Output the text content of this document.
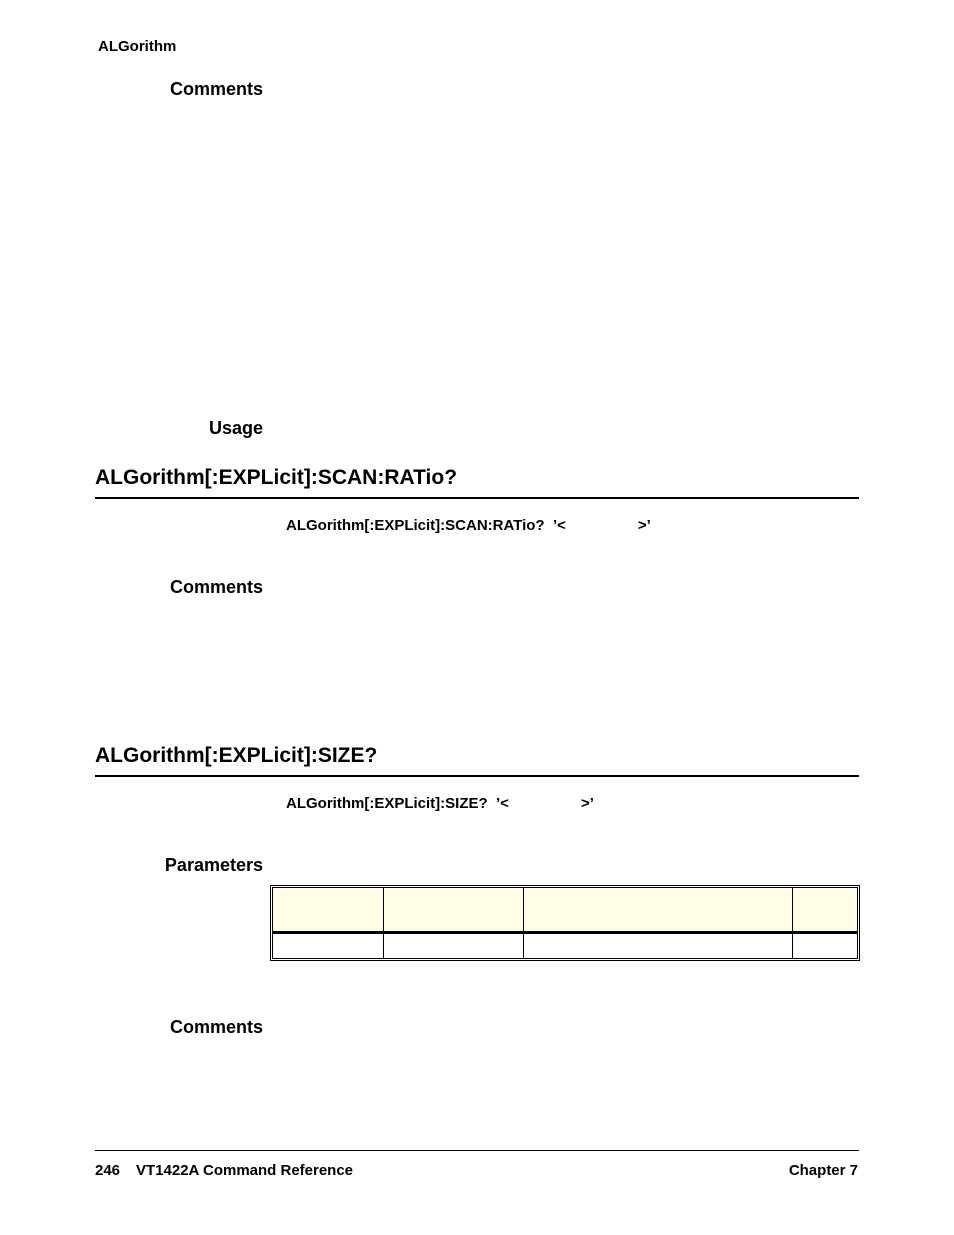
ALGorithm
Comments
Usage
ALGorithm[:EXPLicit]:SCAN:RATio?
ALGorithm[:EXPLicit]:SCAN:RATio? ’<	>’
Comments
ALGorithm[:EXPLicit]:SIZE?
ALGorithm[:EXPLicit]:SIZE? ’<	>’
Parameters

Comments
246 VT1422A Command Reference	Chapter 7
